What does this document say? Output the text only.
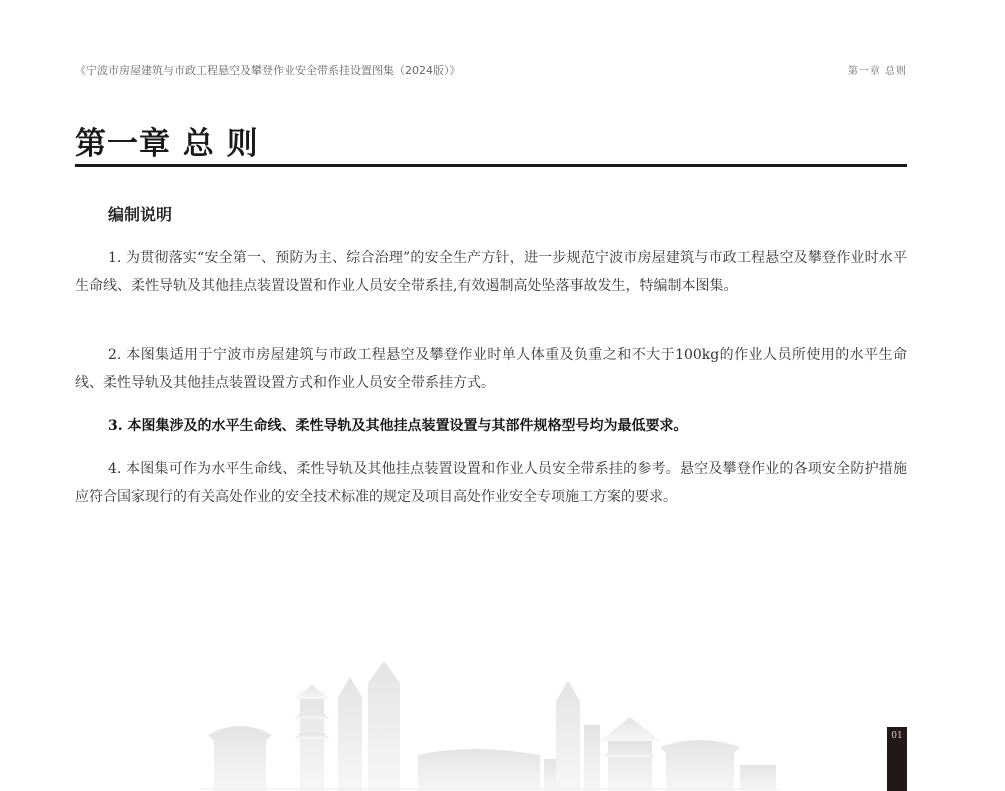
《宁波市房屋建筑与市政工程悬空及攀登作业安全带系挂设置图集（2024版）》	第一章 总则
第一章 总 则
编制说明

1. 为贯彻落实“安全第一、预防为主、综合治理”的安全生产方针，进一步规范宁波市房屋建筑与市政工程悬空及攀登作业时水平生命线、柔性导轨及其他挂点装置设置和作业人员安全带系挂,有效遏制高处坠落事故发生，特编制本图集。

2. 本图集适用于宁波市房屋建筑与市政工程悬空及攀登作业时单人体重及负重之和不大于100kg的作业人员所使用的水平生命线、柔性导轨及其他挂点装置设置方式和作业人员安全带系挂方式。

3. 本图集涉及的水平生命线、柔性导轨及其他挂点装置设置与其部件规格型号均为最低要求。

4. 本图集可作为水平生命线、柔性导轨及其他挂点装置设置和作业人员安全带系挂的参考。悬空及攀登作业的各项安全防护措施应符合国家现行的有关高处作业的安全技术标准的规定及项目高处作业安全专项施工方案的要求。

01
